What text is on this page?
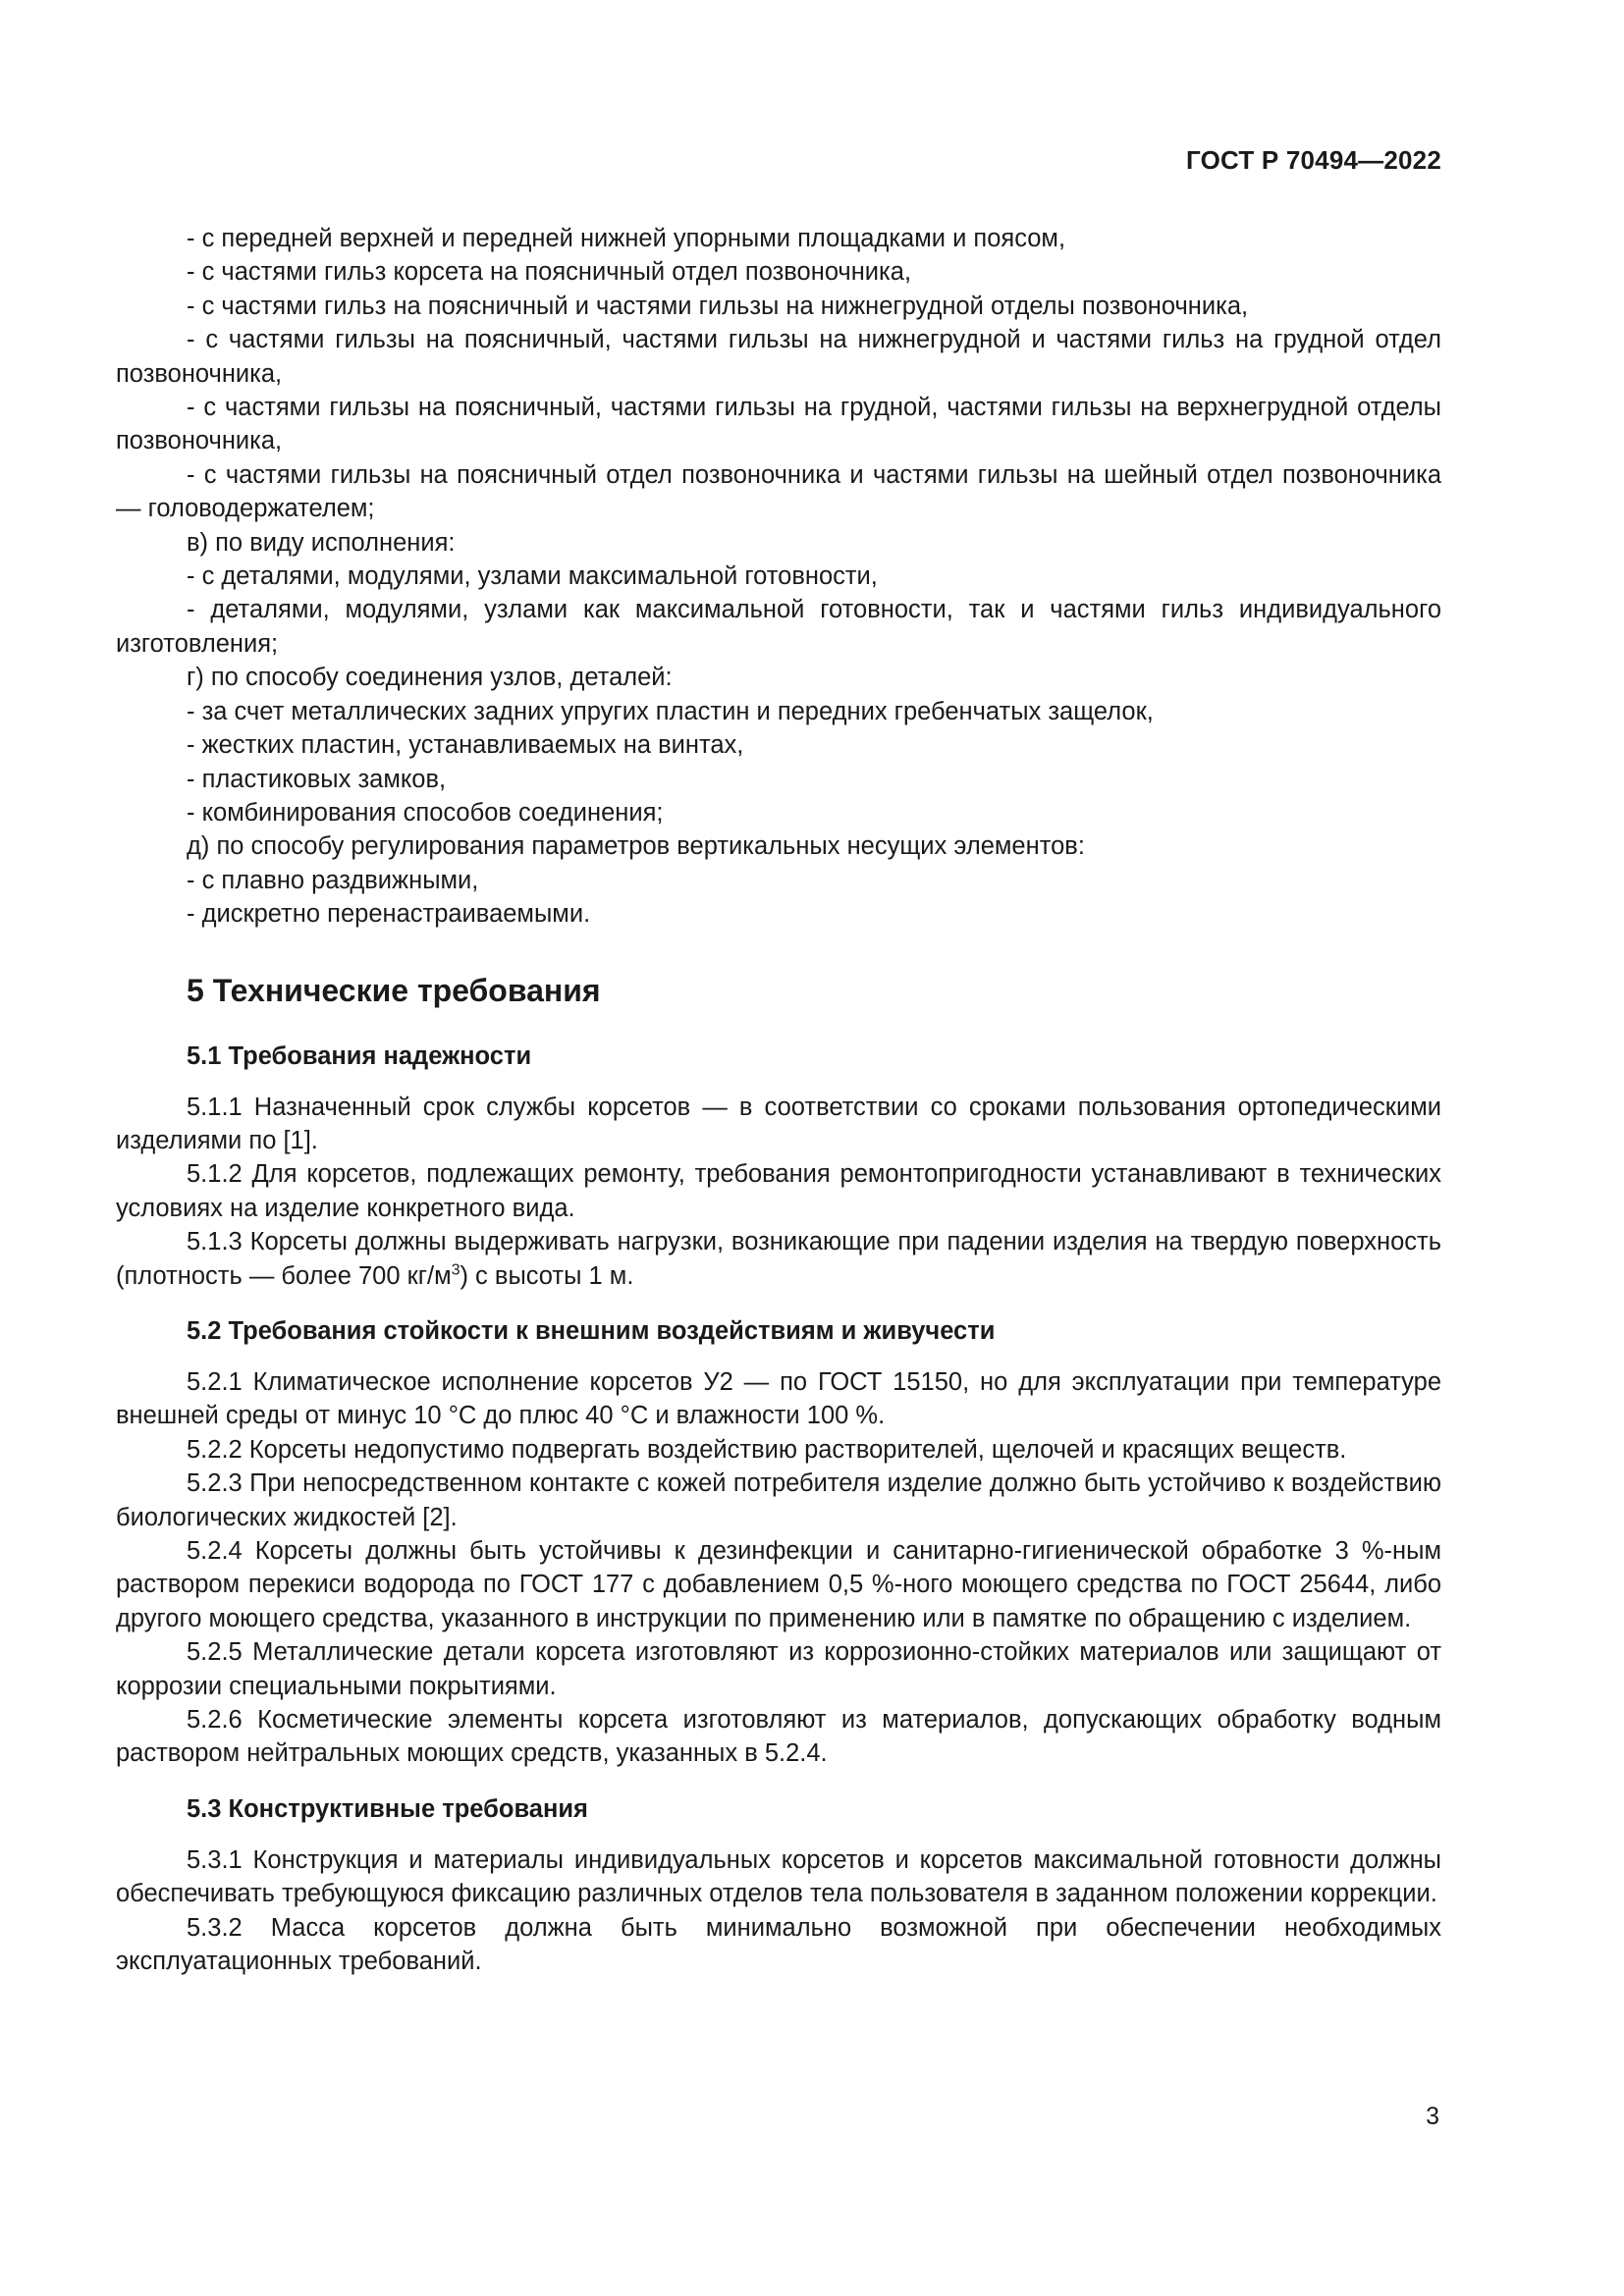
ГОСТ Р 70494—2022

- с передней верхней и передней нижней упорными площадками и поясом,

- с частями гильз корсета на поясничный отдел позвоночника,

- с частями гильз на поясничный и частями гильзы на нижнегрудной отделы позвоночника,

- с частями гильзы на поясничный, частями гильзы на нижнегрудной и частями гильз на грудной отдел позвоночника,

- с частями гильзы на поясничный, частями гильзы на грудной, частями гильзы на верхнегрудной отделы позвоночника,

- с частями гильзы на поясничный отдел позвоночника и частями гильзы на шейный отдел позвоночника — головодержателем;

в) по виду исполнения:

- с деталями, модулями, узлами максимальной готовности,

- деталями, модулями, узлами как максимальной готовности, так и частями гильз индивидуального изготовления;

г) по способу соединения узлов, деталей:

- за счет металлических задних упругих пластин и передних гребенчатых защелок,

- жестких пластин, устанавливаемых на винтах,

- пластиковых замков,

- комбинирования способов соединения;

д) по способу регулирования параметров вертикальных несущих элементов:

- с плавно раздвижными,

- дискретно перенастраиваемыми.

5 Технические требования
5.1 Требования надежности

5.1.1 Назначенный срок службы корсетов — в соответствии со сроками пользования ортопедическими изделиями по [1].

5.1.2 Для корсетов, подлежащих ремонту, требования ремонтопригодности устанавливают в технических условиях на изделие конкретного вида.

5.1.3 Корсеты должны выдерживать нагрузки, возникающие при падении изделия на твердую поверхность (плотность — более 700 $кг/м^3$) с высоты 1 м.

5.2 Требования стойкости к внешним воздействиям и живучести

5.2.1 Климатическое исполнение корсетов У2 — по ГОСТ 15150, но для эксплуатации при температуре внешней среды от минус 10 °С до плюс 40 °С и влажности 100 %.

5.2.2 Корсеты недопустимо подвергать воздействию растворителей, щелочей и красящих веществ.

5.2.3 При непосредственном контакте с кожей потребителя изделие должно быть устойчиво к воздействию биологических жидкостей [2].

5.2.4 Корсеты должны быть устойчивы к дезинфекции и санитарно-гигиенической обработке 3 %-ным раствором перекиси водорода по ГОСТ 177 с добавлением 0,5 %-ного моющего средства по ГОСТ 25644, либо другого моющего средства, указанного в инструкции по применению или в памятке по обращению с изделием.

5.2.5 Металлические детали корсета изготовляют из коррозионно-стойких материалов или защищают от коррозии специальными покрытиями.

5.2.6 Косметические элементы корсета изготовляют из материалов, допускающих обработку водным раствором нейтральных моющих средств, указанных в 5.2.4.

5.3 Конструктивные требования

5.3.1 Конструкция и материалы индивидуальных корсетов и корсетов максимальной готовности должны обеспечивать требующуюся фиксацию различных отделов тела пользователя в заданном положении коррекции.

5.3.2 Масса корсетов должна быть минимально возможной при обеспечении необходимых эксплуатационных требований.

3
